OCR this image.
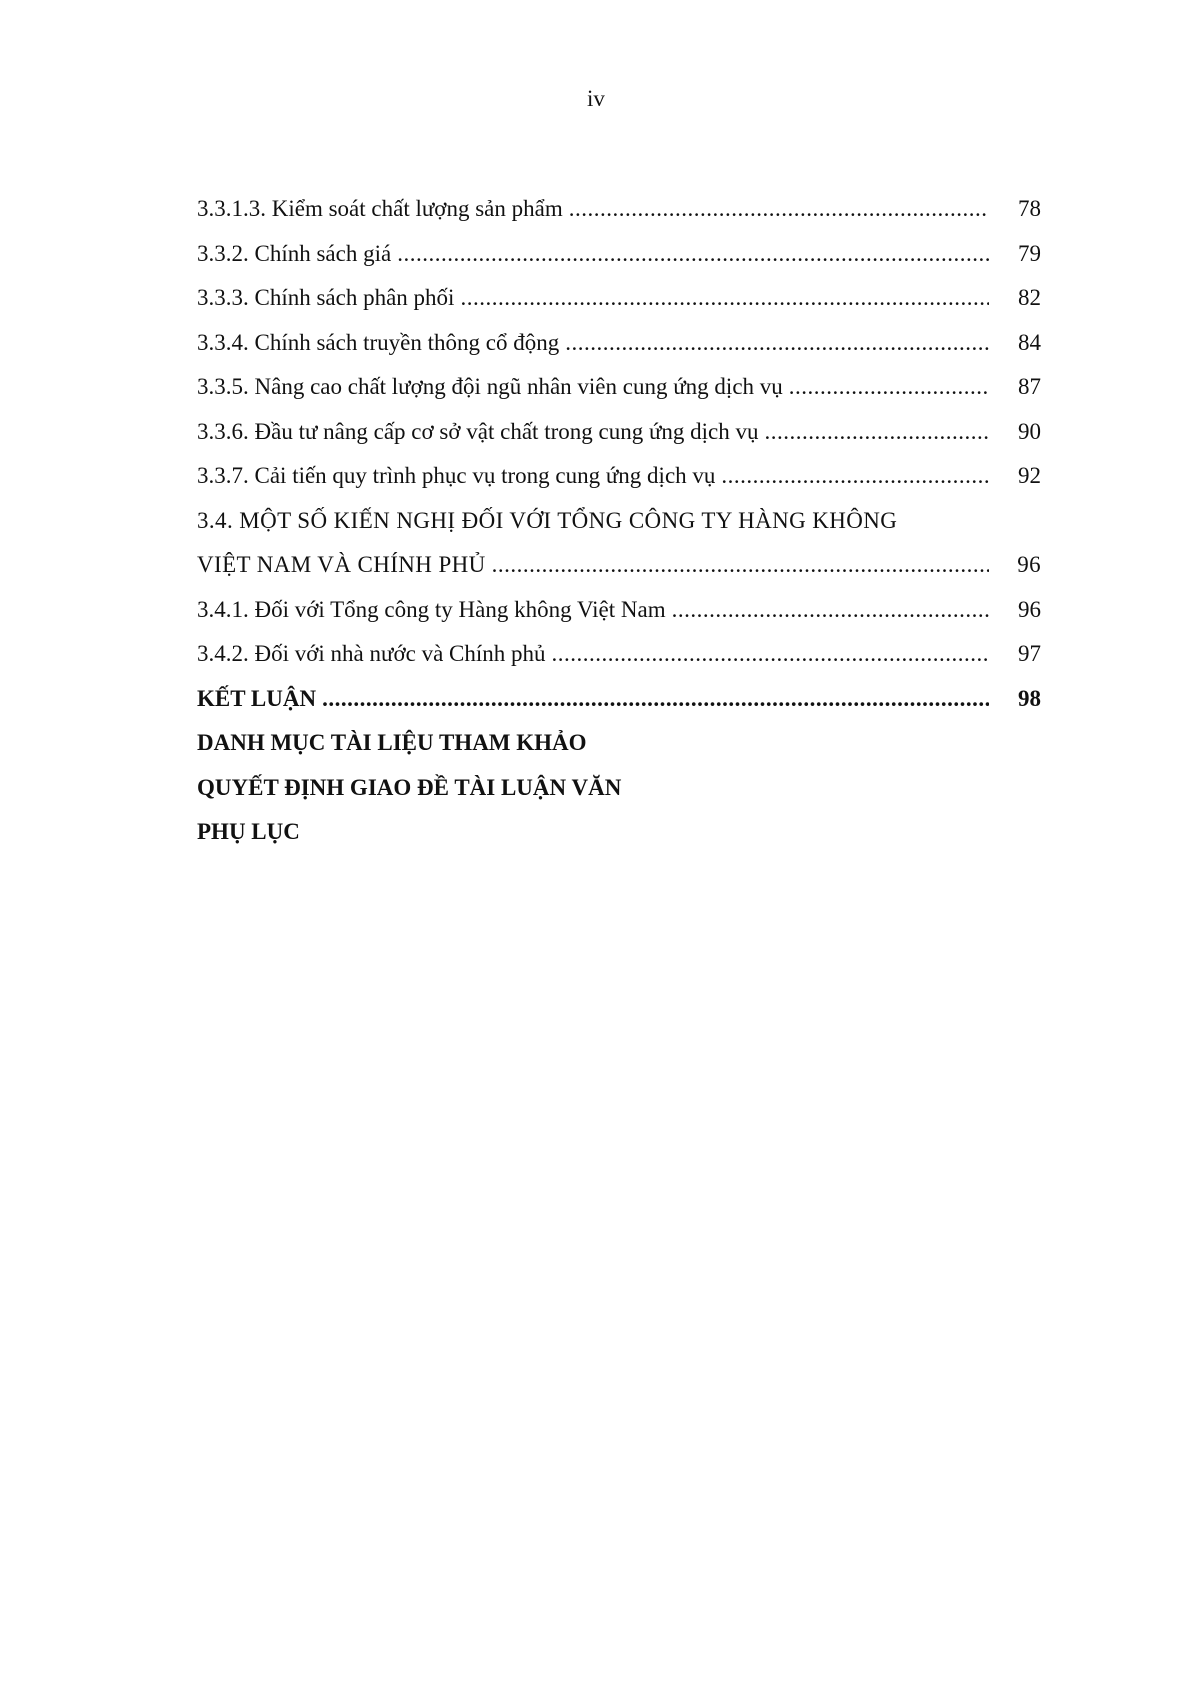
iv
3.3.1.3. Kiểm soát chất lượng sản phẩm .....	78
3.3.2. Chính sách giá .....	79
3.3.3. Chính sách phân phối .....	82
3.3.4. Chính sách truyền thông cổ động .....	84
3.3.5. Nâng cao chất lượng đội ngũ nhân viên cung ứng dịch vụ .....	87
3.3.6. Đầu tư nâng cấp cơ sở vật chất trong cung ứng dịch vụ .....	90
3.3.7. Cải tiến quy trình phục vụ trong cung ứng dịch vụ .....	92
3.4. MỘT SỐ KIẾN NGHỊ ĐỐI VỚI TỔNG CÔNG TY HÀNG KHÔNG
VIỆT NAM VÀ CHÍNH PHỦ .....	96
3.4.1. Đối với Tổng công ty Hàng không Việt Nam .....	96
3.4.2. Đối với nhà nước và Chính phủ .....	97
KẾT LUẬN .....	98
DANH MỤC TÀI LIỆU THAM KHẢO
QUYẾT ĐỊNH GIAO ĐỀ TÀI LUẬN VĂN
PHỤ LỤC
